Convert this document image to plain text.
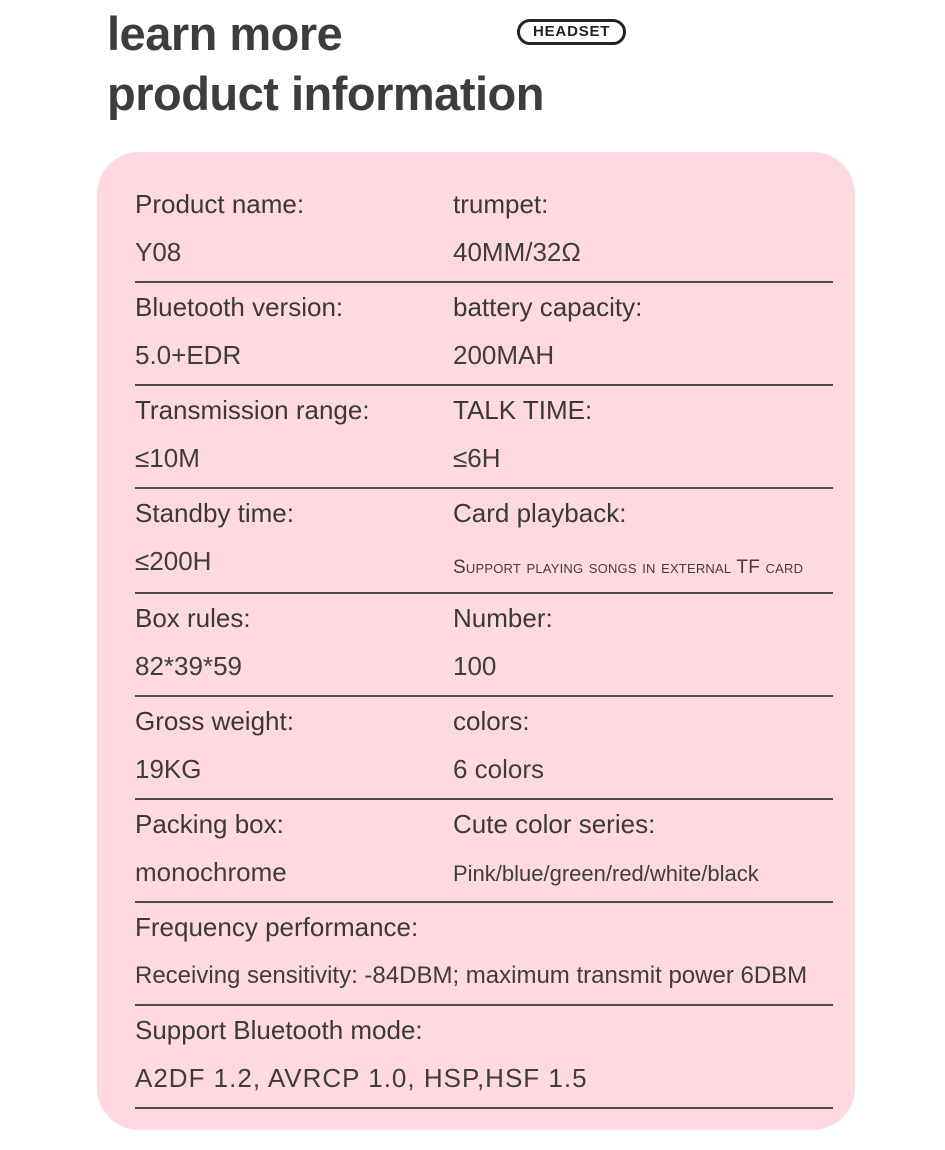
learn more
product information
HEADSET
Product name:
Y08
trumpet:
40MM/32Ω
Bluetooth version:
5.0+EDR
battery capacity:
200MAH
Transmission range:
≤10M
TALK TIME:
≤6H
Standby time:
≤200H
Card playback:
Support playing songs in external TF card
Box rules:
82*39*59
Number:
100
Gross weight:
19KG
colors:
6 colors
Packing box:
monochrome
Cute color series:
Pink/blue/green/red/white/black
Frequency performance:
Receiving sensitivity: -84DBM; maximum transmit power 6DBM
Support Bluetooth mode:
A2DF 1.2, AVRCP 1.0, HSP,HSF 1.5
